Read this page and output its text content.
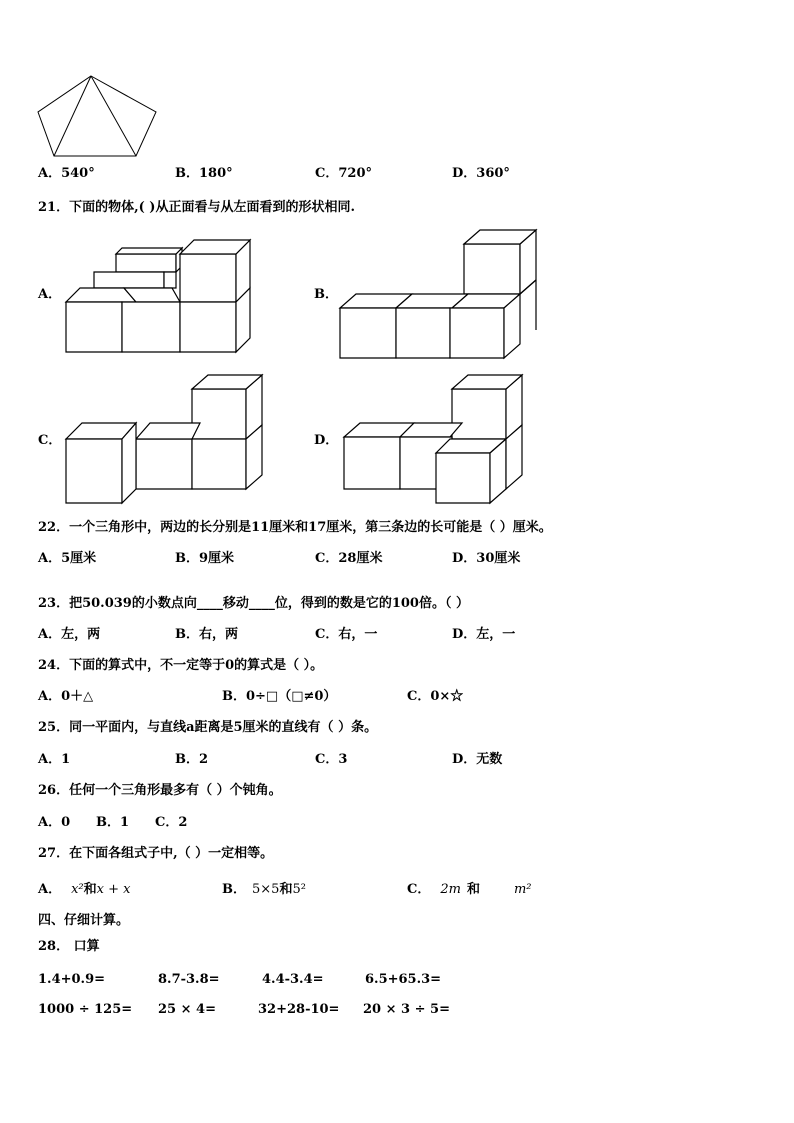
A．540°	B．180°	C．720°	D．360°
21．下面的物体,( )从正面看与从左面看到的形状相同.
A．	B．
C．	D．
22．一个三角形中，两边的长分别是11厘米和17厘米，第三条边的长可能是（ ）厘米。
A．5厘米	B．9厘米	C．28厘米	D．30厘米
23．把50.039的小数点向____移动____位，得到的数是它的100倍。（ ）
A．左，两	B．右，两	C．右，一	D．左，一
24．下面的算式中，不一定等于0的算式是（ ）。
A．0＋△	B．0÷□（□≠0）	C．0×☆
25．同一平面内，与直线a距离是5厘米的直线有（ ）条。
A．1	B．2	C．3	D．无数
26．任何一个三角形最多有（ ）个钝角。
A．0 B．1 C．2
27．在下面各组式子中,（ ）一定相等。
A． x²和x + x	B． 5×5和5²	C． 2m 和	m²
四、仔细计算。
28． 口算
1.4+0.9=	8.7-3.8=	4.4-3.4=	6.5+65.3=
1000 ÷ 125= 25 × 4=	32+28-10= 20 × 3 ÷ 5=
